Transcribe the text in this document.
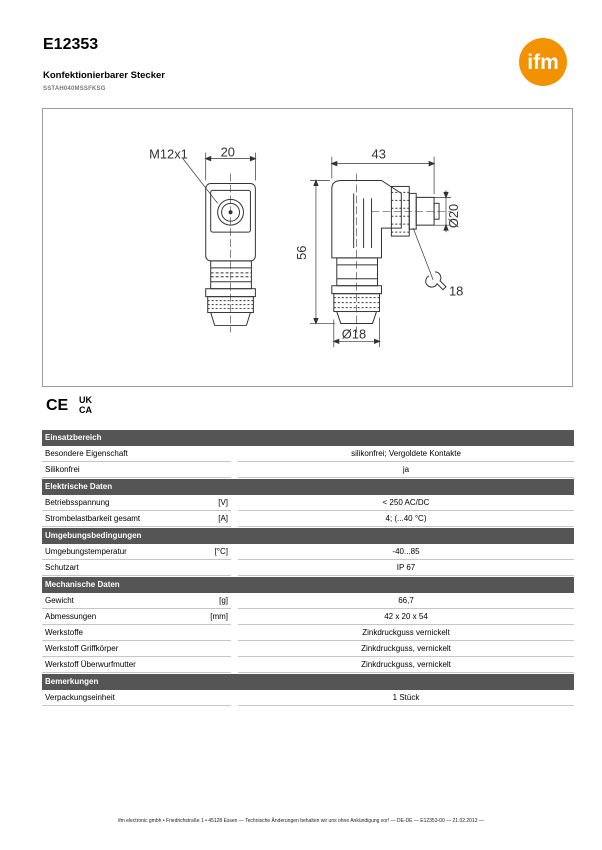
E12353
Konfektionierbarer Stecker
SSTAH040MSSFKSG
ifm
M12x1	20	43
56
Ø20
Ø18
18
CE UK
CA
Einsatzbereich
Besondere Eigenschaft	silikonfrei; Vergoldete Kontakte
Silikonfrei	ja
Elektrische Daten
Betriebsspannung	[V]	< 250 AC/DC
Strombelastbarkeit gesamt	[A]	4; (...40 °C)
Umgebungsbedingungen
Umgebungstemperatur	[°C]	-40...85
Schutzart	IP 67
Mechanische Daten
Gewicht	[g]	66,7
Abmessungen	[mm]	42 x 20 x 54
Werkstoffe	Zinkdruckguss vernickelt
Werkstoff Griffkörper	Zinkdruckguss, vernickelt
Werkstoff Überwurfmutter	Zinkdruckguss, vernickelt
Bemerkungen
Verpackungseinheit	1 Stück
ifm electronic gmbh • Friedrichstraße 1 • 45128 Essen — Technische Änderungen behalten wir uns ohne Ankündigung vor! — DE-DE — E12353-00 — 21.02.2013 —
